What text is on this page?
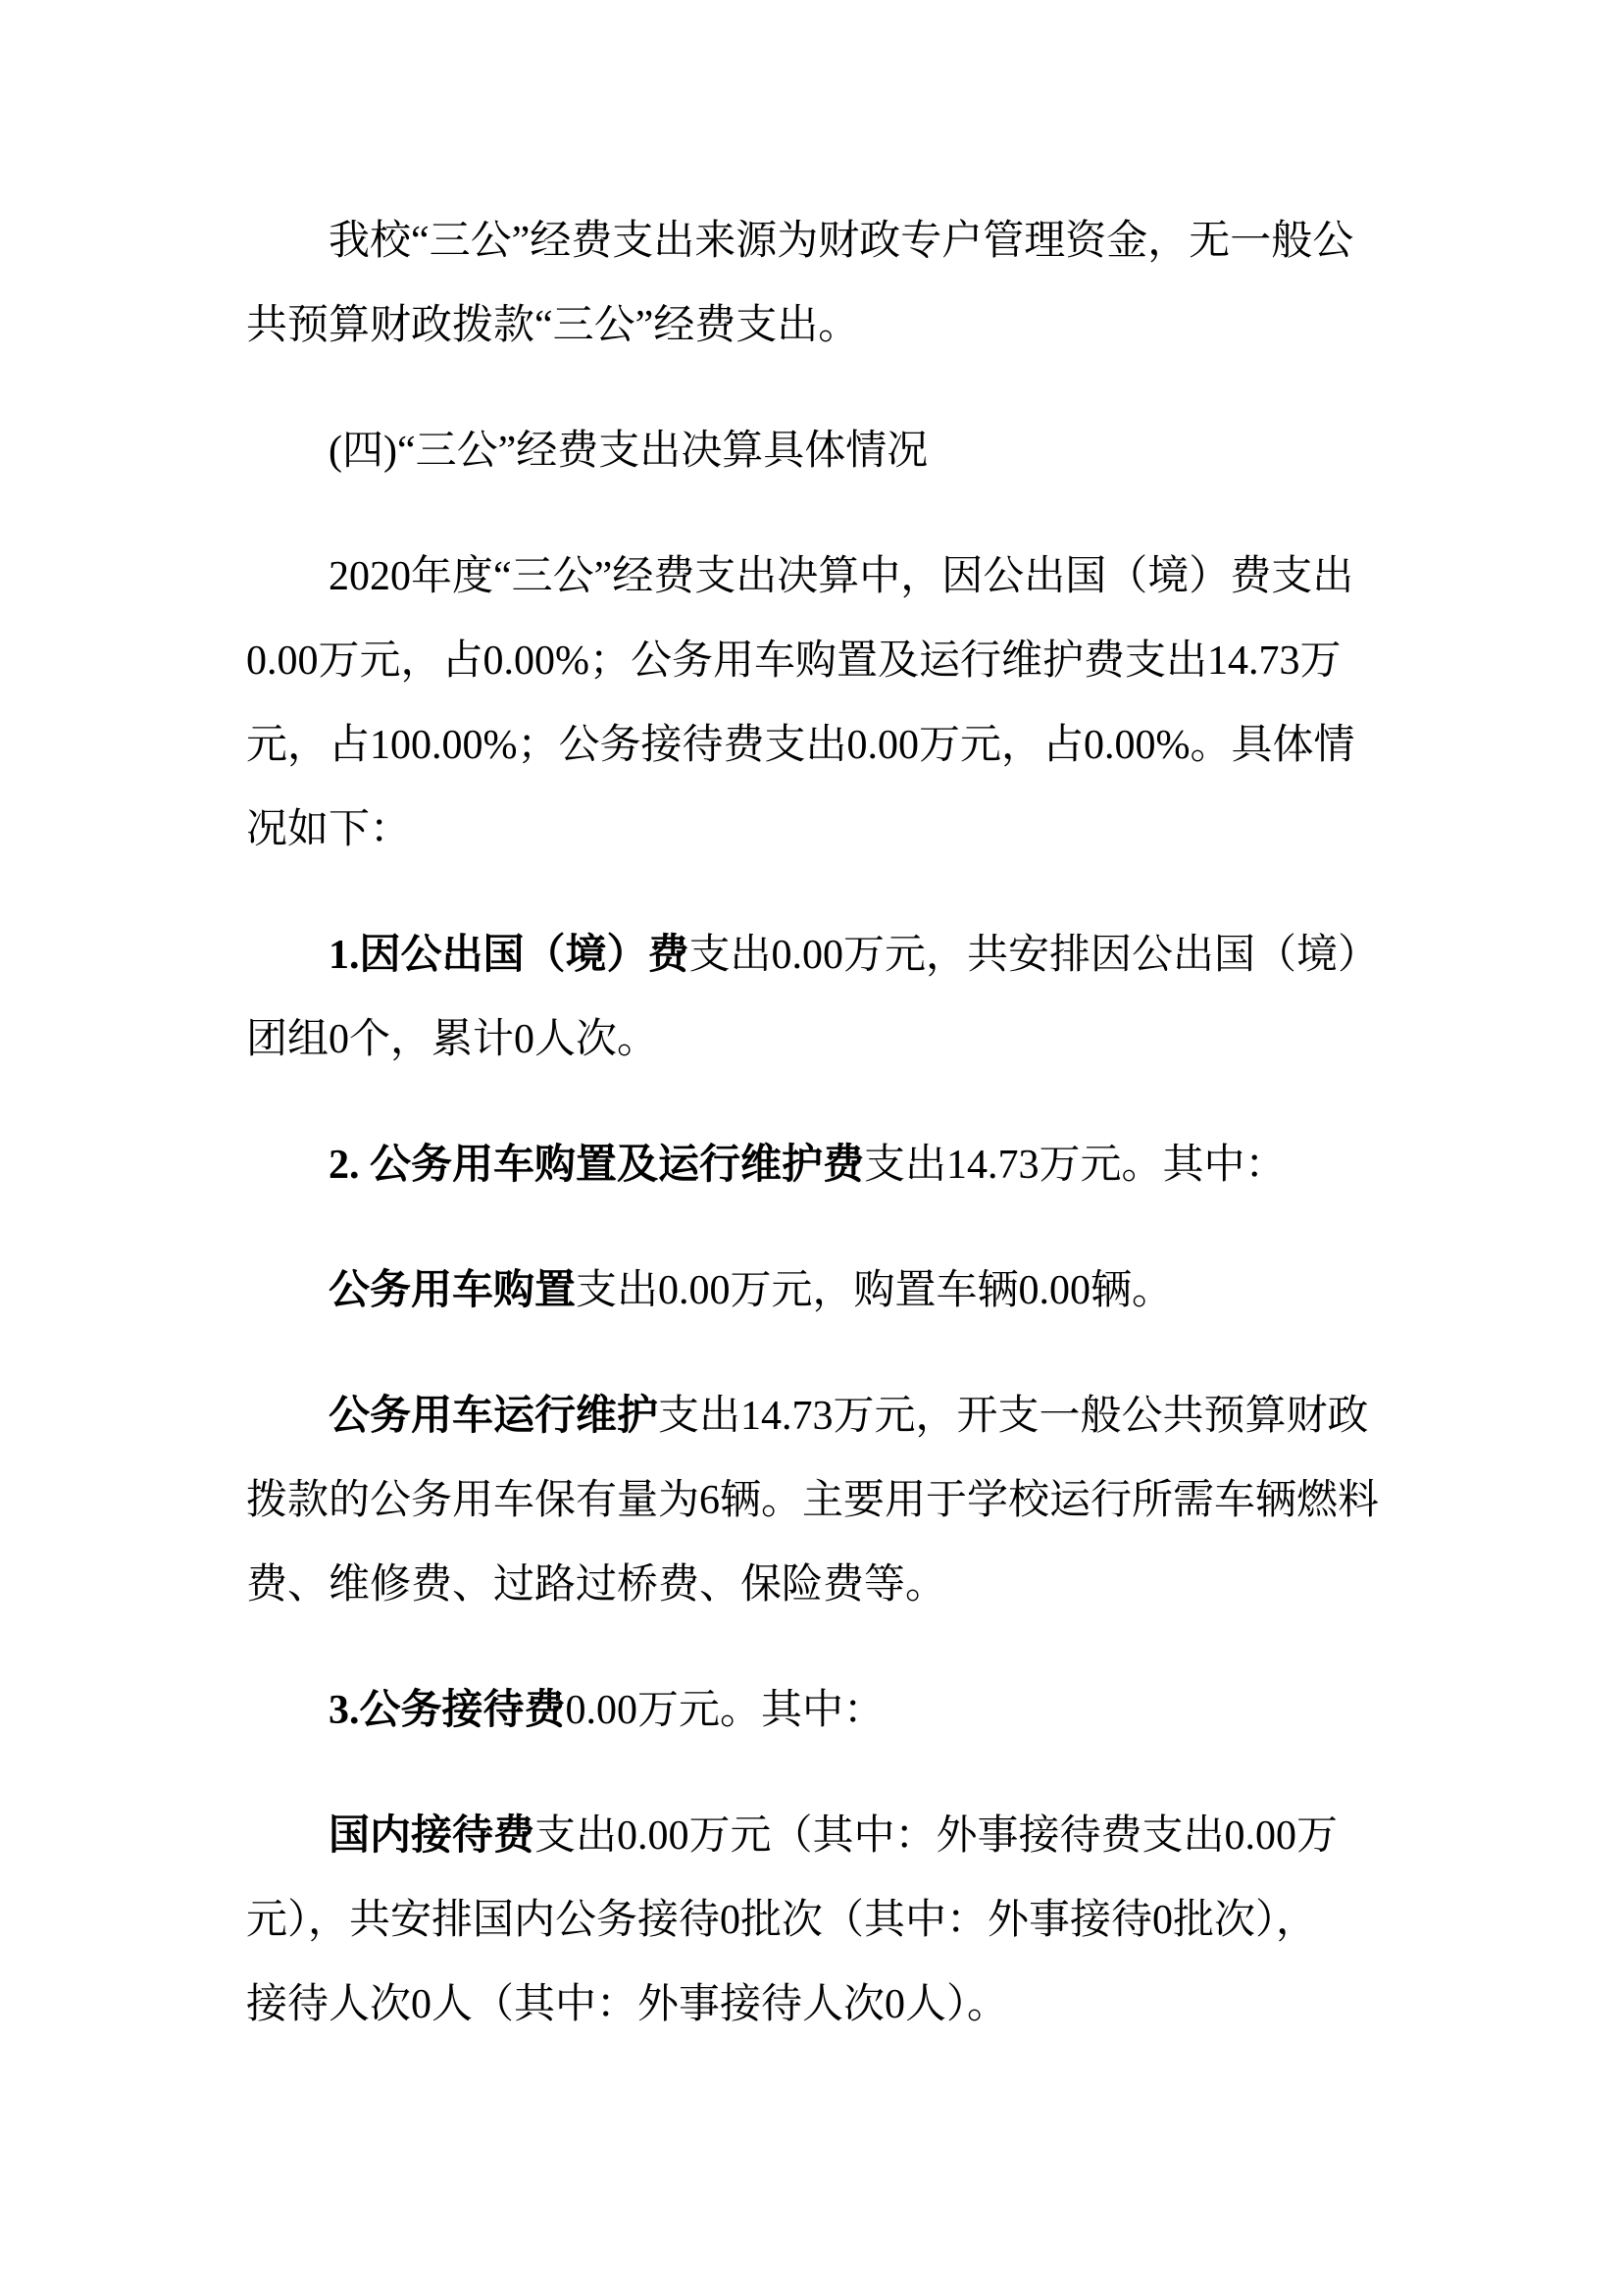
我校“三公”经费支出来源为财政专户管理资金，无一般公
共预算财政拨款“三公”经费支出。
(四)“三公”经费支出决算具体情况
2020年度“三公”经费支出决算中，因公出国（境）费支出
0.00万元，占0.00%；公务用车购置及运行维护费支出14.73万
元，占100.00%；公务接待费支出0.00万元，占0.00%。具体情
况如下：
1.因公出国（境）费支出0.00万元，共安排因公出国（境）
团组0个，累计0人次。
2. 公务用车购置及运行维护费支出14.73万元。其中：
公务用车购置支出0.00万元，购置车辆0.00辆。
公务用车运行维护支出14.73万元，开支一般公共预算财政
拨款的公务用车保有量为6辆。主要用于学校运行所需车辆燃料
费、维修费、过路过桥费、保险费等。
3.公务接待费0.00万元。其中：
国内接待费支出0.00万元（其中：外事接待费支出0.00万
元），共安排国内公务接待0批次（其中：外事接待0批次），
接待人次0人（其中：外事接待人次0人）。
